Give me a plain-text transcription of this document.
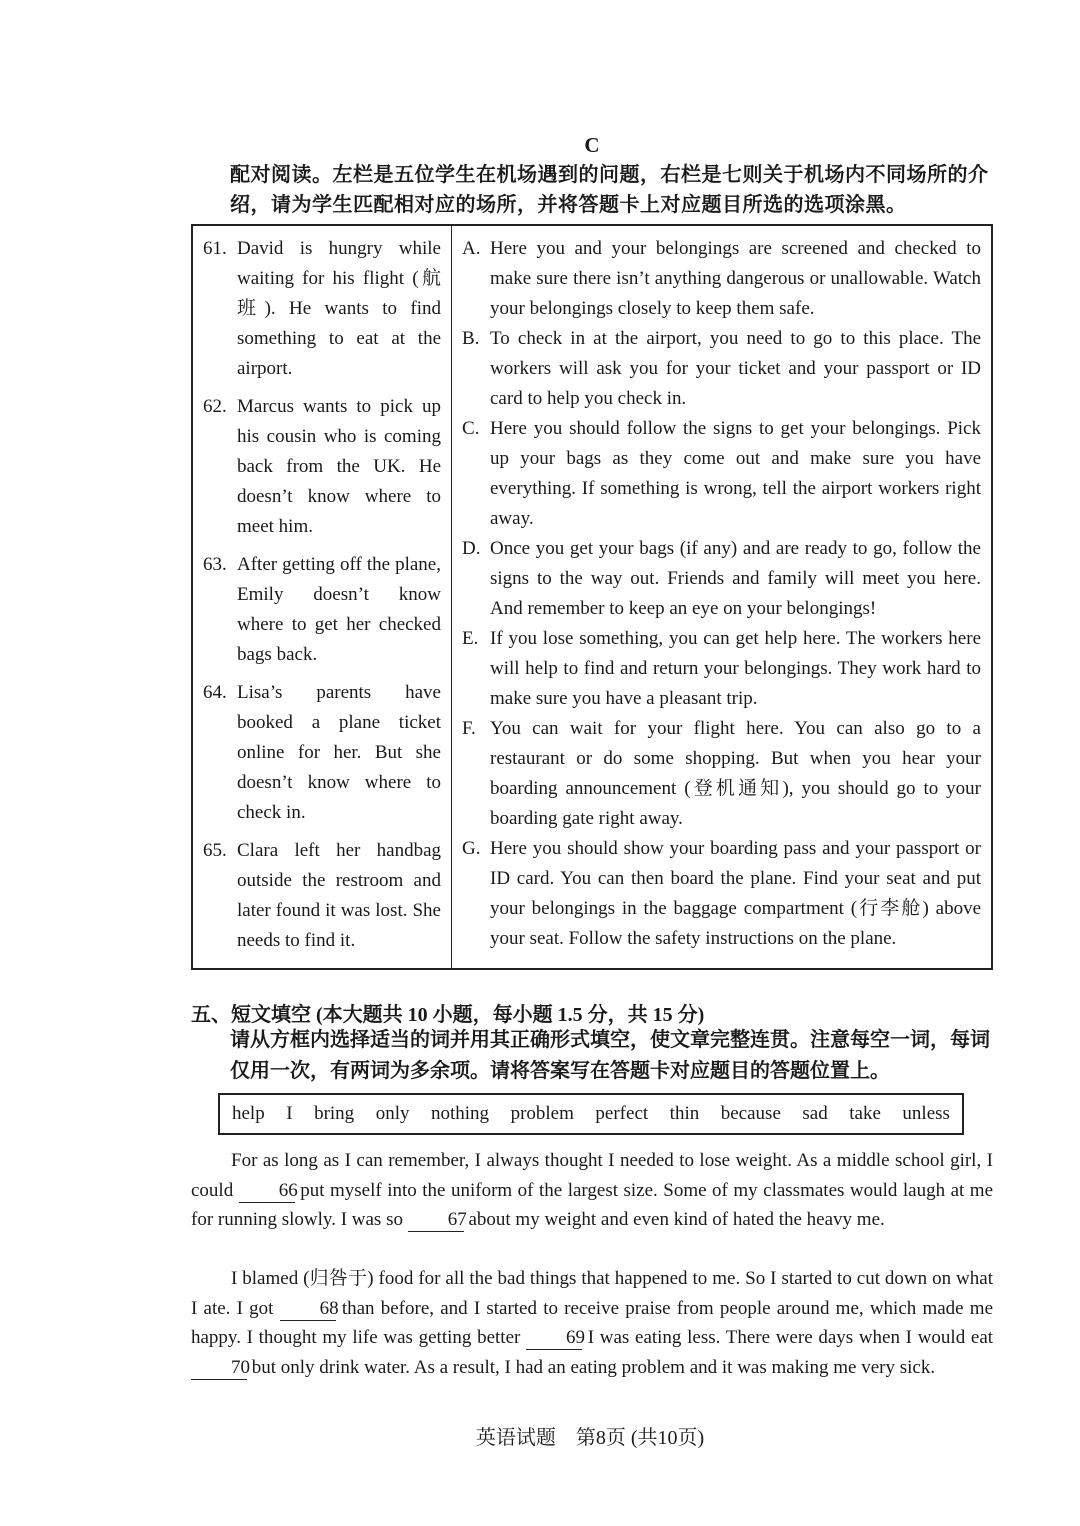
C
配对阅读。左栏是五位学生在机场遇到的问题，右栏是七则关于机场内不同场所的介绍，请为学生匹配相对应的场所，并将答题卡上对应题目所选的选项涂黑。
61. David is hungry while waiting for his flight (航班). He wants to find something to eat at the airport.
62. Marcus wants to pick up his cousin who is coming back from the UK. He doesn’t know where to meet him.
63. After getting off the plane, Emily doesn’t know where to get her checked bags back.
64. Lisa’s parents have booked a plane ticket online for her. But she doesn’t know where to check in.
65. Clara left her handbag outside the restroom and later found it was lost. She needs to find it.

A. Here you and your belongings are screened and checked to make sure there isn’t anything dangerous or unallowable. Watch your belongings closely to keep them safe.
B. To check in at the airport, you need to go to this place. The workers will ask you for your ticket and your passport or ID card to help you check in.
C. Here you should follow the signs to get your belongings. Pick up your bags as they come out and make sure you have everything. If something is wrong, tell the airport workers right away.
D. Once you get your bags (if any) and are ready to go, follow the signs to the way out. Friends and family will meet you here. And remember to keep an eye on your belongings!
E. If you lose something, you can get help here. The workers here will help to find and return your belongings. They work hard to make sure you have a pleasant trip.
F. You can wait for your flight here. You can also go to a restaurant or do some shopping. But when you hear your boarding announcement (登机通知), you should go to your boarding gate right away.
G. Here you should show your boarding pass and your passport or ID card. You can then board the plane. Find your seat and put your belongings in the baggage compartment (行李舱) above your seat. Follow the safety instructions on the plane.
五、短文填空 (本大题共 10 小题，每小题 1.5 分，共 15 分)
请从方框内选择适当的词并用其正确形式填空，使文章完整连贯。注意每空一词，每词仅用一次，有两词为多余项。请将答案写在答题卡对应题目的答题位置上。
help I bring only nothing problem perfect thin because sad take unless
For as long as I can remember, I always thought I needed to lose weight. As a middle school girl, I could 66 put myself into the uniform of the largest size. Some of my classmates would laugh at me for running slowly. I was so 67 about my weight and even kind of hated the heavy me.
I blamed (归咎于) food for all the bad things that happened to me. So I started to cut down on what I ate. I got 68 than before, and I started to receive praise from people around me, which made me happy. I thought my life was getting better 69 I was eating less. There were days when I would eat 70 but only drink water. As a result, I had an eating problem and it was making me very sick.
英语试题　第8页 (共10页)
